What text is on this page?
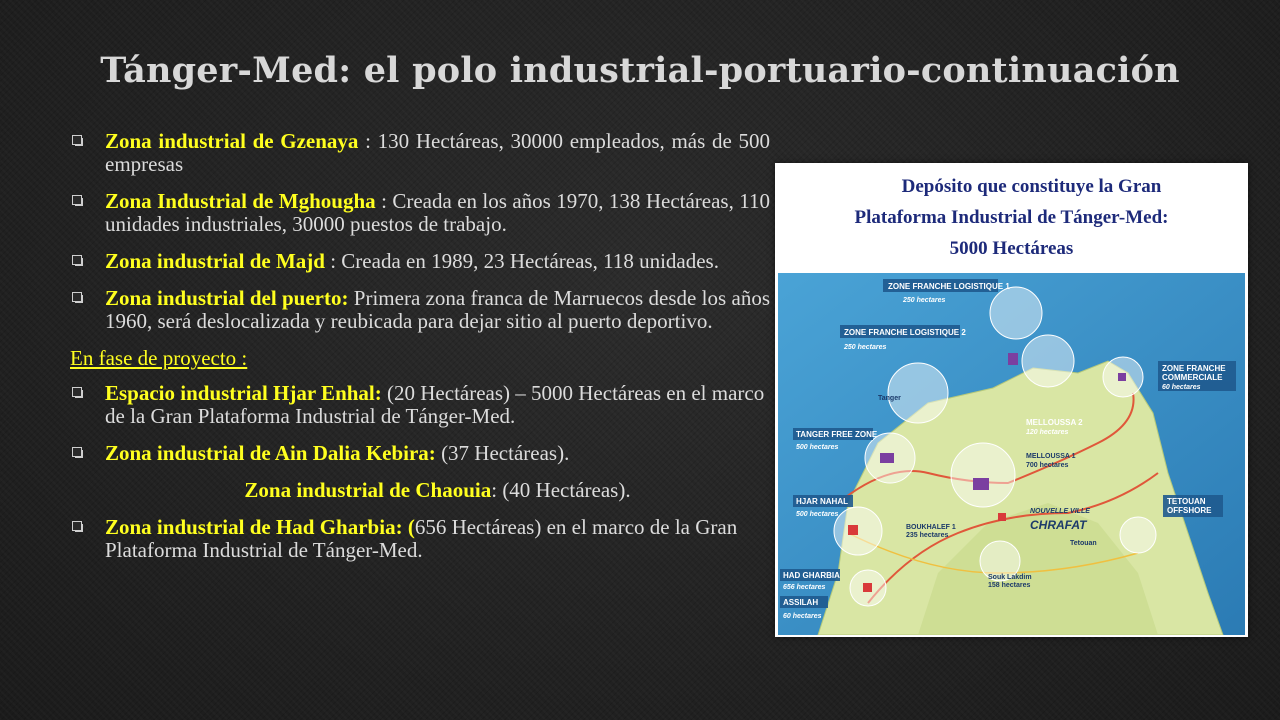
Tánger-Med: el polo industrial-portuario-continuación
Zona industrial de Gzenaya : 130 Hectáreas, 30000 empleados, más de 500 empresas
Zona Industrial de Mghougha : Creada en los años 1970, 138 Hectáreas, 110 unidades industriales, 30000 puestos de trabajo.
Zona industrial de Majd : Creada en 1989, 23 Hectáreas, 118 unidades.
Zona industrial del puerto: Primera zona franca de Marruecos desde los años 1960, será deslocalizada y reubicada para dejar sitio al puerto deportivo.
En fase de proyecto :
Espacio industrial Hjar Enhal: (20 Hectáreas) – 5000 Hectáreas en el marco de la Gran Plataforma Industrial de Tánger-Med.
Zona industrial de Ain Dalia Kebira: (37 Hectáreas).
Zona industrial de Chaouia: (40 Hectáreas).
Zona industrial de Had Gharbia: (656 Hectáreas) en el marco de la Gran Plataforma Industrial de Tánger-Med.
Depósito que constituye la Gran
Plataforma Industrial de Tánger-Med:
5000 Hectáreas
ZONE FRANCHE LOGISTIQUE 1
250 hectares
ZONE FRANCHE LOGISTIQUE 2
250 hectares
Tanger
ZONE FRANCHE
COMMERCIALE
60 hectares
MELLOUSSA 2
120 hectares
TANGER FREE ZONE
500 hectares
MELLOUSSA 1
700 hectares
HJAR NAHAL
500 hectares
BOUKHALEF 1
235 hectares
NOUVELLE VILLE
CHRAFAT
Tetouan
TETOUAN
OFFSHORE
Souk Lakdim
158 hectares
HAD GHARBIA
656 hectares
ASSILAH
60 hectares
